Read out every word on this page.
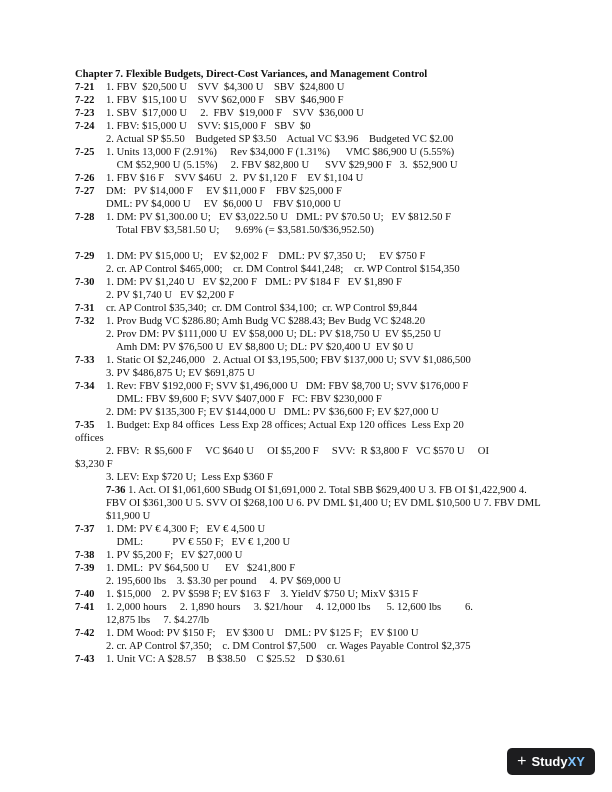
Chapter 7. Flexible Budgets, Direct-Cost Variances, and Management Control
7-21	1. FBV  $20,500 U    SVV  $4,300 U    SBV  $24,800 U
7-22	1. FBV  $15,100 U    SVV $62,000 F    SBV  $46,900 F
7-23	1. SBV  $17,000 U     2.  FBV  $19,000 F    SVV  $36,000 U
7-24	1. FBV: $15,000 U    SVV: $15,000 F   SBV  $0
2. Actual SP $5.50    Budgeted SP $3.50    Actual VC $3.96    Budgeted VC $2.00
7-25	1. Units 13,000 F (2.91%)     Rev $34,000 F (1.31%)      VMC $86,900 U (5.55%)
CM $52,900 U (5.15%)     2. FBV $82,800 U      SVV $29,900 F   3.  $52,900 U
7-26	1. FBV $16 F    SVV $46U   2.  PV $1,120 F    EV $1,104 U
7-27	DM:   PV $14,000 F     EV $11,000 F    FBV $25,000 F
DML: PV $4,000 U     EV  $6,000 U    FBV $10,000 U
7-28	1. DM: PV $1,300.00 U;   EV $3,022.50 U   DML: PV $70.50 U;   EV $812.50 F
Total FBV $3,581.50 U;      9.69% (= $3,581.50/$36,952.50)
7-29	1. DM: PV $15,000 U;    EV $2,002 F    DML: PV $7,350 U;     EV $750 F
2. cr. AP Control $465,000;    cr. DM Control $441,248;    cr. WP Control $154,350
7-30	1. DM: PV $1,240 U   EV $2,200 F   DML: PV $184 F   EV $1,890 F
2. PV $1,740 U   EV $2,200 F
7-31	cr. AP Control $35,340;  cr. DM Control $34,100;  cr. WP Control $9,844
7-32	1. Prov Budg VC $286.80; Amh Budg VC $288.43; Bev Budg VC $248.20
2. Prov DM: PV $111,000 U  EV $58,000 U; DL: PV $18,750 U  EV $5,250 U
Amh DM: PV $76,500 U  EV $8,800 U; DL: PV $20,400 U  EV $0 U
7-33	1. Static OI $2,246,000   2. Actual OI $3,195,500; FBV $137,000 U; SVV $1,086,500
3. PV $486,875 U; EV $691,875 U
7-34	1. Rev: FBV $192,000 F; SVV $1,496,000 U   DM: FBV $8,700 U; SVV $176,000 F
DML: FBV $9,600 F; SVV $407,000 F   FC: FBV $230,000 F
2. DM: PV $135,300 F; EV $144,000 U   DML: PV $36,600 F; EV $27,000 U
7-35	1. Budget: Exp 84 offices  Less Exp 28 offices; Actual Exp 120 offices  Less Exp 20
offices
2. FBV:  R $5,600 F     VC $640 U     OI $5,200 F     SVV:  R $3,800 F   VC $570 U     OI
$3,230 F
3. LEV: Exp $720 U;  Less Exp $360 F
7-36 1. Act. OI $1,061,600 SBudg OI $1,691,000 2. Total SBB $629,400 U 3. FB OI $1,422,900 4. FBV OI $361,300 U 5. SVV OI $268,100 U 6. PV DML $1,400 U; EV DML $10,500 U 7. FBV DML $11,900 U
7-37	1. DM: PV € 4,300 F;   EV € 4,500 U
DML:           PV € 550 F;   EV € 1,200 U
7-38	1. PV $5,200 F;   EV $27,000 U
7-39	1. DML:  PV $64,500 U      EV   $241,800 F
2. 195,600 lbs    3. $3.30 per pound     4. PV $69,000 U
7-40	1. $15,000    2. PV $598 F; EV $163 F    3. YieldV $750 U; MixV $315 F
7-41	1. 2,000 hours     2. 1,890 hours     3. $21/hour     4. 12,000 lbs      5. 12,600 lbs         6.
12,875 lbs     7. $4.27/lb
7-42	1. DM Wood: PV $150 F;    EV $300 U    DML: PV $125 F;   EV $100 U
2. cr. AP Control $7,350;    c. DM Control $7,500    cr. Wages Payable Control $2,375
7-43	1. Unit VC: A $28.57    B $38.50    C $25.52    D $30.61
+ StudyXY
